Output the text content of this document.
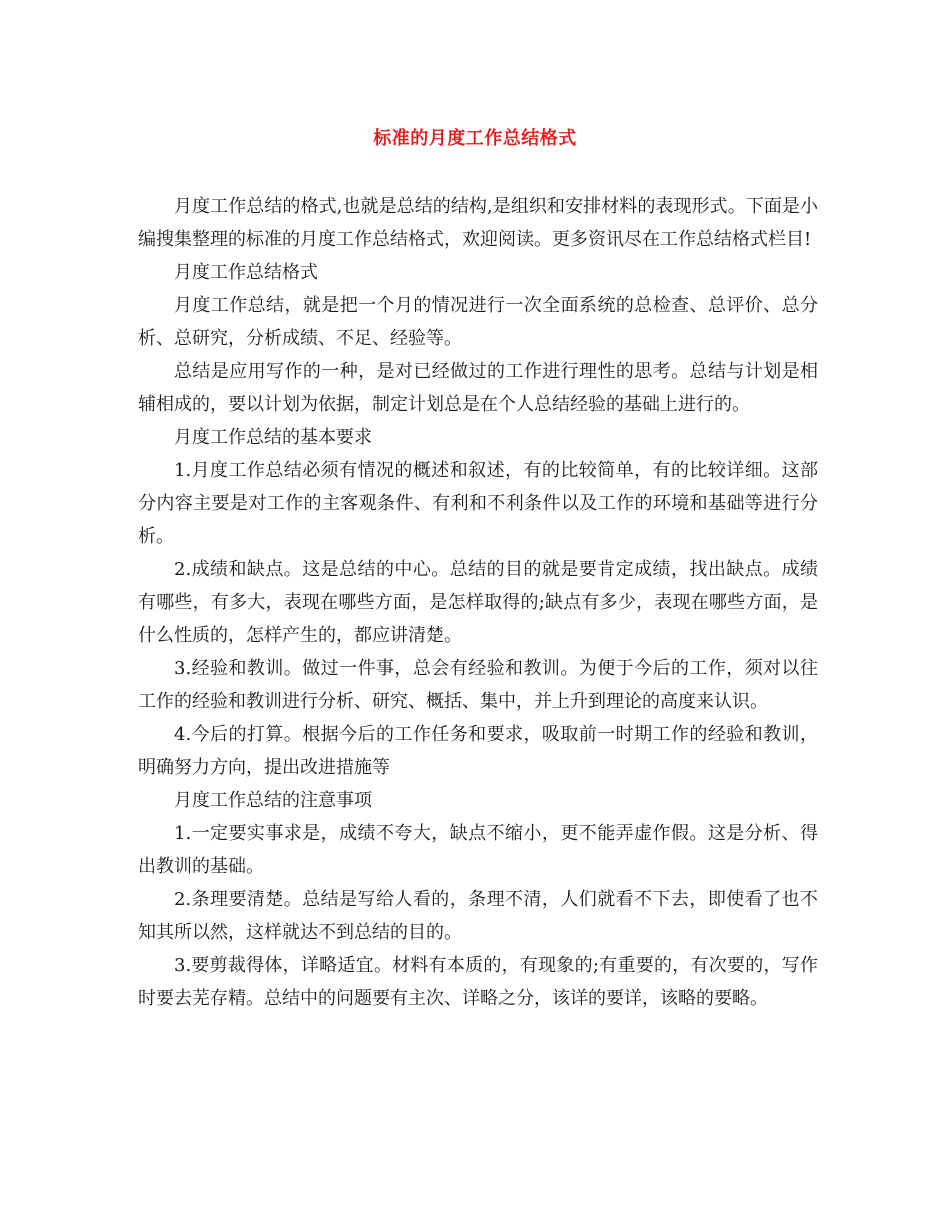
标准的月度工作总结格式

月度工作总结的格式,也就是总结的结构,是组织和安排材料的表现形式。下面是小编搜集整理的标准的月度工作总结格式，欢迎阅读。更多资讯尽在工作总结格式栏目!

月度工作总结格式

月度工作总结，就是把一个月的情况进行一次全面系统的总检查、总评价、总分析、总研究，分析成绩、不足、经验等。

总结是应用写作的一种，是对已经做过的工作进行理性的思考。总结与计划是相辅相成的，要以计划为依据，制定计划总是在个人总结经验的基础上进行的。

月度工作总结的基本要求

1.月度工作总结必须有情况的概述和叙述，有的比较简单，有的比较详细。这部分内容主要是对工作的主客观条件、有利和不利条件以及工作的环境和基础等进行分析。

2.成绩和缺点。这是总结的中心。总结的目的就是要肯定成绩，找出缺点。成绩有哪些，有多大，表现在哪些方面，是怎样取得的;缺点有多少，表现在哪些方面，是什么性质的，怎样产生的，都应讲清楚。

3.经验和教训。做过一件事，总会有经验和教训。为便于今后的工作，须对以往工作的经验和教训进行分析、研究、概括、集中，并上升到理论的高度来认识。

4.今后的打算。根据今后的工作任务和要求，吸取前一时期工作的经验和教训，明确努力方向，提出改进措施等

月度工作总结的注意事项

1.一定要实事求是，成绩不夸大，缺点不缩小，更不能弄虚作假。这是分析、得出教训的基础。

2.条理要清楚。总结是写给人看的，条理不清，人们就看不下去，即使看了也不知其所以然，这样就达不到总结的目的。

3.要剪裁得体，详略适宜。材料有本质的，有现象的;有重要的，有次要的，写作时要去芜存精。总结中的问题要有主次、详略之分，该详的要详，该略的要略。
